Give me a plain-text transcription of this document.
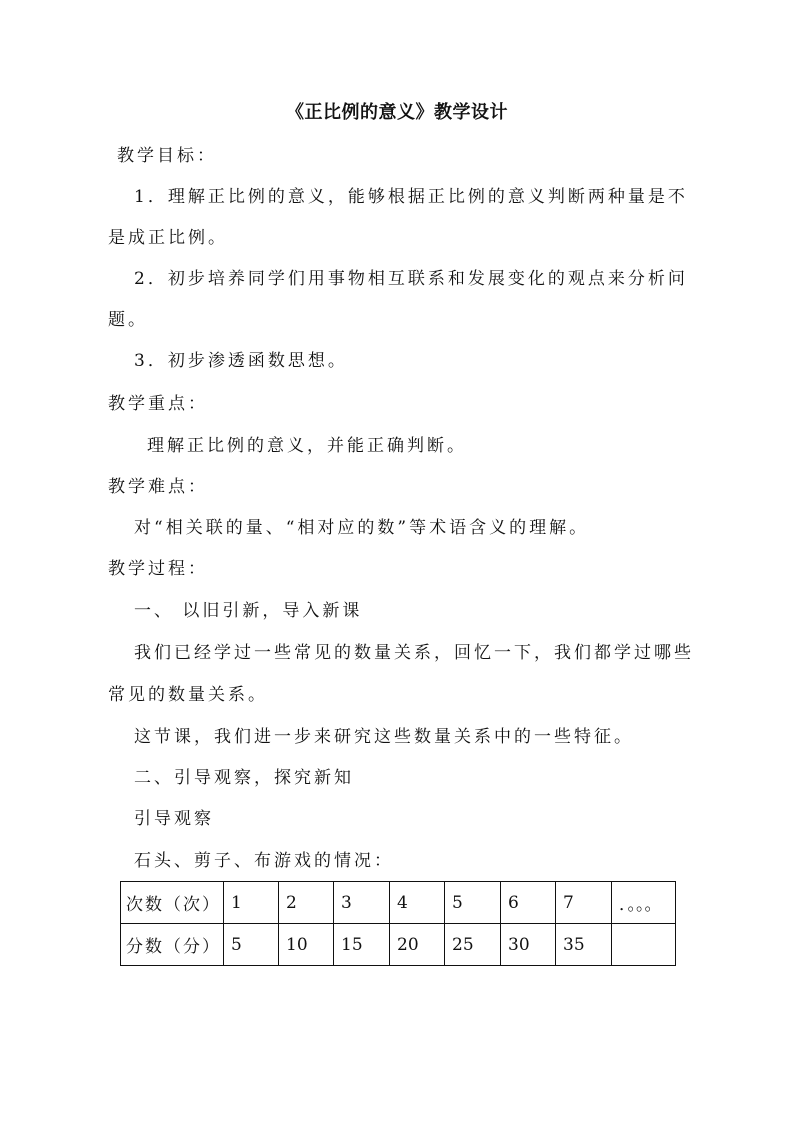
《正比例的意义》教学设计
教学目标：
1．理解正比例的意义，能够根据正比例的意义判断两种量是不
是成正比例。
2．初步培养同学们用事物相互联系和发展变化的观点来分析问
题。
3．初步渗透函数思想。
教学重点：
理解正比例的意义，并能正确判断。
教学难点：
对“相关联的量、“相对应的数”等术语含义的理解。
教学过程：
一、 以旧引新，导入新课
我们已经学过一些常见的数量关系，回忆一下，我们都学过哪些
常见的数量关系。
这节课，我们进一步来研究这些数量关系中的一些特征。
二、引导观察，探究新知
引导观察
石头、剪子、布游戏的情况：
次数（次）	1	2	3	4	5	6	7	．。。。
分数（分）	5	10	15	20	25	30	35	
